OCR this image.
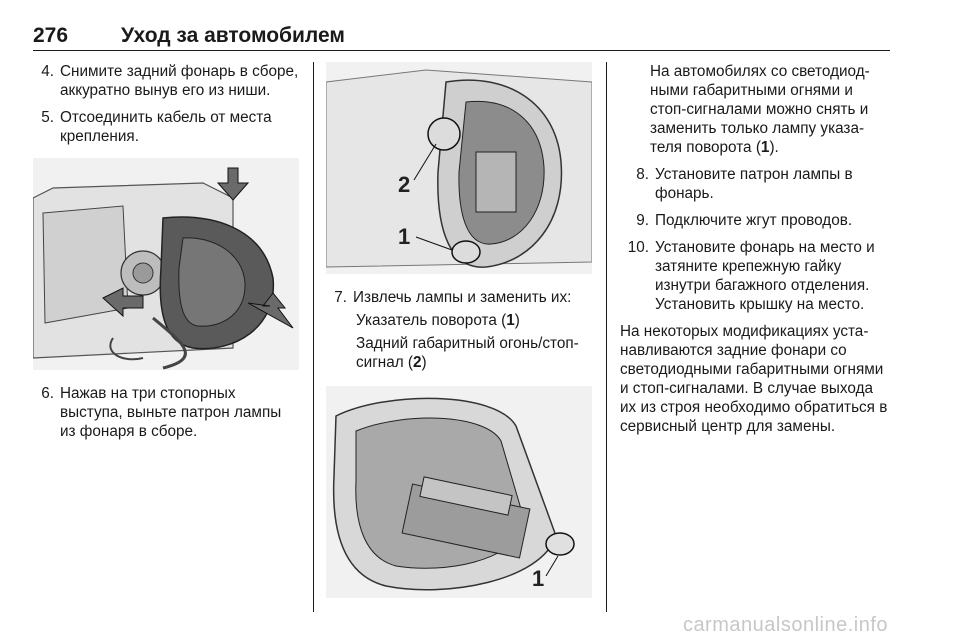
276	Уход за автомобилем
4. Снимите задний фонарь в сборе, аккуратно вынув его из ниши.
5. Отсоединить кабель от места крепления.
6. Нажав на три стопорных выступа, выньте патрон лампы из фонаря в сборе.
2
1
7. Извлечь лампы и заменить их:
Указатель поворота (1)
Задний габаритный огонь/стоп-сигнал (2)
1
На автомобилях со светодиод-ными габаритными огнями и стоп-сигналами можно снять и заменить только лампу указа-теля поворота (1).
8. Установите патрон лампы в фонарь.
9. Подключите жгут проводов.
10. Установите фонарь на место и затяните крепежную гайку изнутри багажного отделения. Установить крышку на место.
На некоторых модификациях уста-навливаются задние фонари со светодиодными габаритными огнями и стоп-сигналами. В случае выхода их из строя необходимо обратиться в сервисный центр для замены.
carmanualsonline.info
